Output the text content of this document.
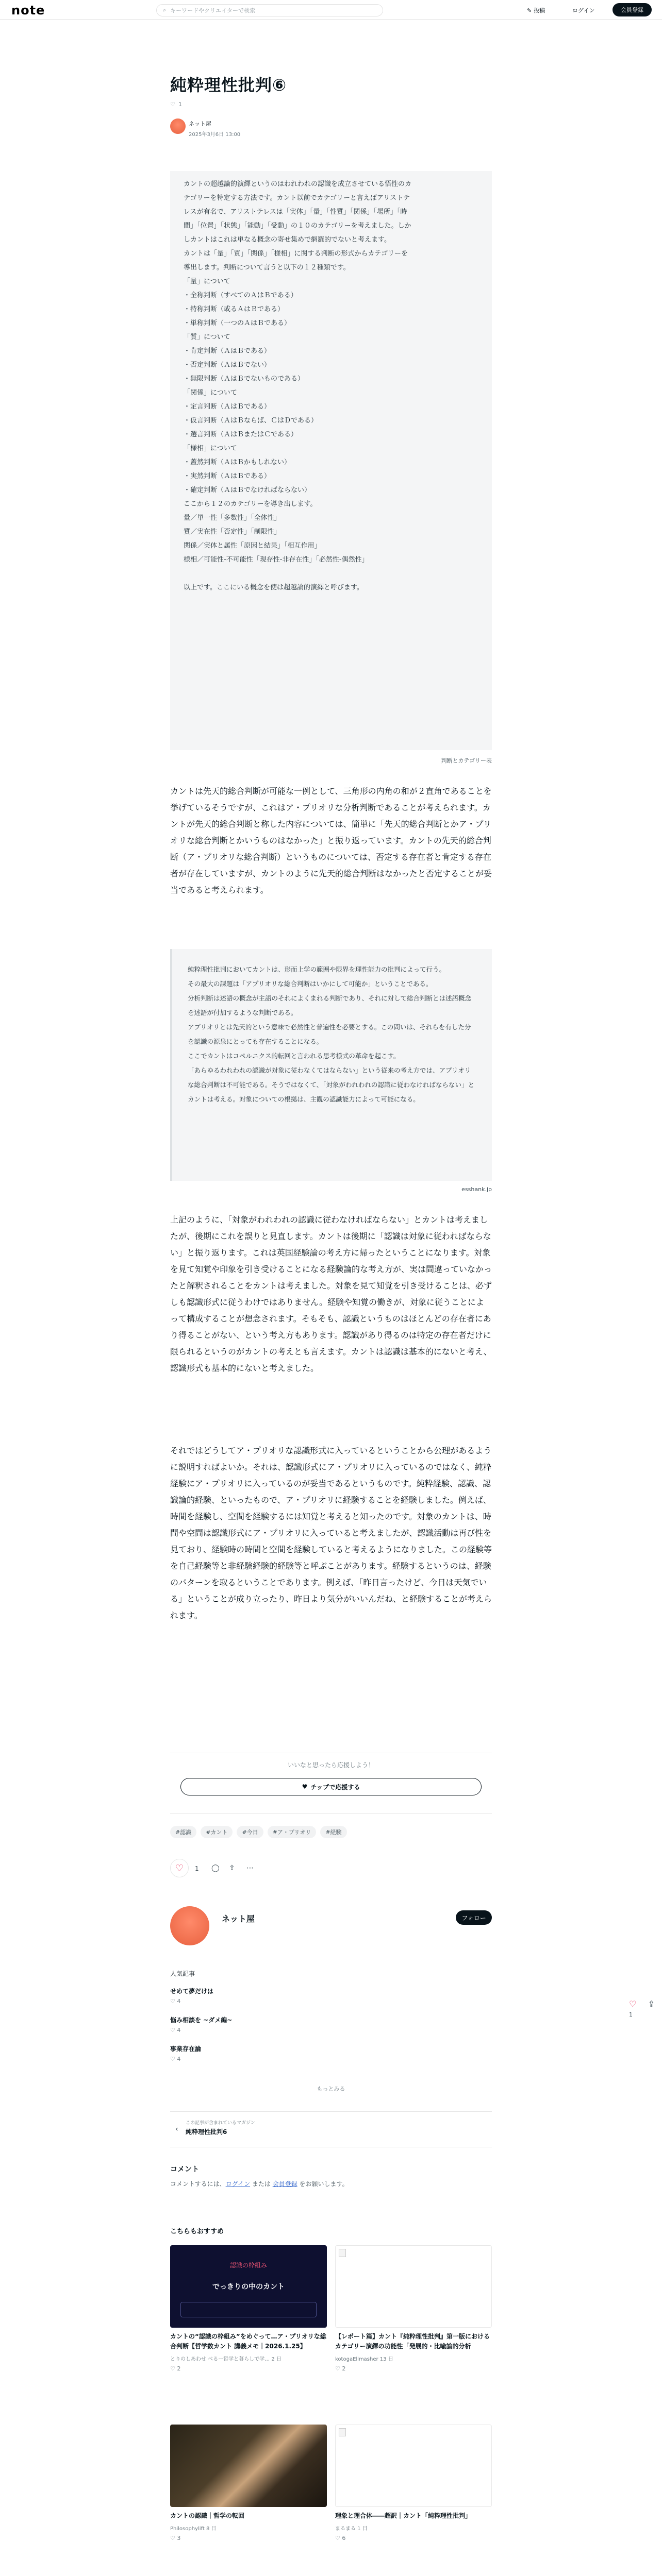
note	⌕ キーワードやクリエイターで検索	✎ 投稿	ログイン	会員登録
純粋理性批判⑥
♡ 1
ネット屋
2025年3月6日 13:00

カントの超越論的演繹というのはわれわれの認識を成立させている悟性のカ

テゴリーを特定する方法です。カント以前でカテゴリーと言えばアリストテ

レスが有名で、アリストテレスは「実体」「量」「性質」「関係」「場所」「時

間」「位置」「状態」「能動」「受動」の１０のカテゴリーを考えました。しか

しカントはこれは単なる概念の寄せ集めで網羅的でないと考えます。

カントは「量」「質」「関係」「様相」に関する判断の形式からカテゴリーを

導出します。判断について言うと以下の１２種類です。

「量」について

・全称判断（すべてのＡはＢである）

・特称判断（或るＡはＢである）

・単称判断（一つのＡはＢである）

「質」について

・肯定判断（ＡはＢである）

・否定判断（ＡはＢでない）

・無限判断（ＡはＢでないものである）

「関係」について

・定言判断（ＡはＢである）

・仮言判断（ＡはＢならば、ＣはＤである）

・選言判断（ＡはＢまたはＣである）

「様相」について

・蓋然判断（ＡはＢかもしれない）

・実然判断（ＡはＢである）

・確定判断（ＡはＢでなければならない）

ここから１２のカテゴリーを導き出します。

量／単一性「多数性」「全体性」

質／実在性「否定性」「制限性」

関係／実体と属性「原因と結果」「相互作用」

様相／可能性-不可能性「現存性-非存在性」「必然性-偶然性」

以上です。ここにいる概念を使は超越論的演繹と呼びます。

判断とカテゴリー表
カントは先天的総合判断が可能な一例として、三角形の内角の和が２直角であることを挙げているそうですが、これはア・プリオリな分析判断であることが考えられます。カントが先天的総合判断と称した内容については、簡単に「先天的総合判断とかア・プリオリな総合判断とかいうものはなかった」と振り返っています。カントの先天的総合判断（ア・プリオリな総合判断）というものについては、否定する存在者と肯定する存在者が存在していますが、カントのように先天的総合判断はなかったと否定することが妥当であると考えられます。

純粋理性批判においてカントは、形而上学の範囲や限界を理性能力の批判によって行う。

その最大の課題は「アプリオリな総合判断はいかにして可能か」ということである。

分析判断は述語の概念が主語のそれによくまれる判断であり、それに対して総合判断とは述語概念を述語が付加するような判断である。

アプリオリとは先天的という意味で必然性と普遍性を必要とする。この問いは、それらを有した分を認識の源泉にとっても存在することになる。

ここでカントはコペルニクス的転回と言われる思考様式の革命を起こす。

「あらゆるわれわれの認識が対象に従わなくてはならない」という従来の考え方では、アプリオリな総合判断は不可能である。そうではなくて、「対象がわれわれの認識に従わなければならない」とカントは考える。対象についての根拠は、主観の認識能力によって可能になる。

esshank.jp
上記のように、「対象がわれわれの認識に従わなければならない」とカントは考えましたが、後期にこれを誤りと見直します。カントは後期に「認識は対象に従わればならない」と振り返ります。これは英国経験論の考え方に帰ったということになります。対象を見て知覚や印象を引き受けることになる経験論的な考え方が、実は間違っていなかったと解釈されることをカントは考えました。対象を見て知覚を引き受けることは、必ずしも認識形式に従うわけではありません。経験や知覚の働きが、対象に従うことによって構成することが想念されます。そもそも、認識というものはほとんどの存在者にあり得ることがない、という考え方もあります。認識があり得るのは特定の存在者だけに限られるというのがカントの考えとも言えます。カントは認識は基本的にないと考え、認識形式も基本的にないと考えました。
それではどうしてア・プリオリな認識形式に入っているということから公理があるように説明すればよいか。それは、認識形式にア・プリオリに入っているのではなく、純粋経験にア・プリオリに入っているのが妥当であるというものです。純粋経験、認識、認識論的経験、といったもので、ア・プリオリに経験することを経験しました。例えば、時間を経験し、空間を経験するには知覚と考えると知ったのです。対象のカントは、時間や空間は認識形式にア・プリオリに入っていると考えましたが、認識活動は再び性を見ており、経験時の時間と空間を経験していると考えるようになりました。この経験等を自己経験等と非経験経験的経験等と呼ぶことがあります。経験するというのは、経験のパターンを取るということであります。例えば、「昨日言ったけど、今日は天気でいる」ということが成り立ったり、昨日より気分がいいんだね、と経験することが考えられます。
いいなと思ったら応援しよう！
♥ チップで応援する
#認識	#カント	#今日	#ア・プリオリ	#経験
♡ 1 ◯ ⇪ ⋯
ネット屋	フォロー
人気記事
せめて夢だけは
♡ 4
悩み相談を ~ダメ編~
♡ 4
事業存在論
♡ 4
もっとみる
‹
この記事が含まれているマガジン
純粋理性批判6
コメント
コメントするには、ログイン または 会員登録 をお願いします。
こちらもおすすめ
認識の枠組み
でっきりの中のカント
カントの“認識の枠組み”をめぐって…ア・プリオリな総合判断【哲学数カント 講義メモ｜2026.1.25】
とりのしあわせ べるー哲学と暮らしで学… 2 日
♡ 2
【レポート篇】カント『純粋理性批判』第一版におけるカテゴリー演繹の功能性「発展的・比喩論的分析
kotogaEllmasher 13 日
♡ 2
カントの認識｜哲学の転回
Philosophylift 8 日
♡ 3
理象と理合体――超訳｜カント「純粋理性批判」
まるまる 1 日
♡ 6
♡ 1
⇪
